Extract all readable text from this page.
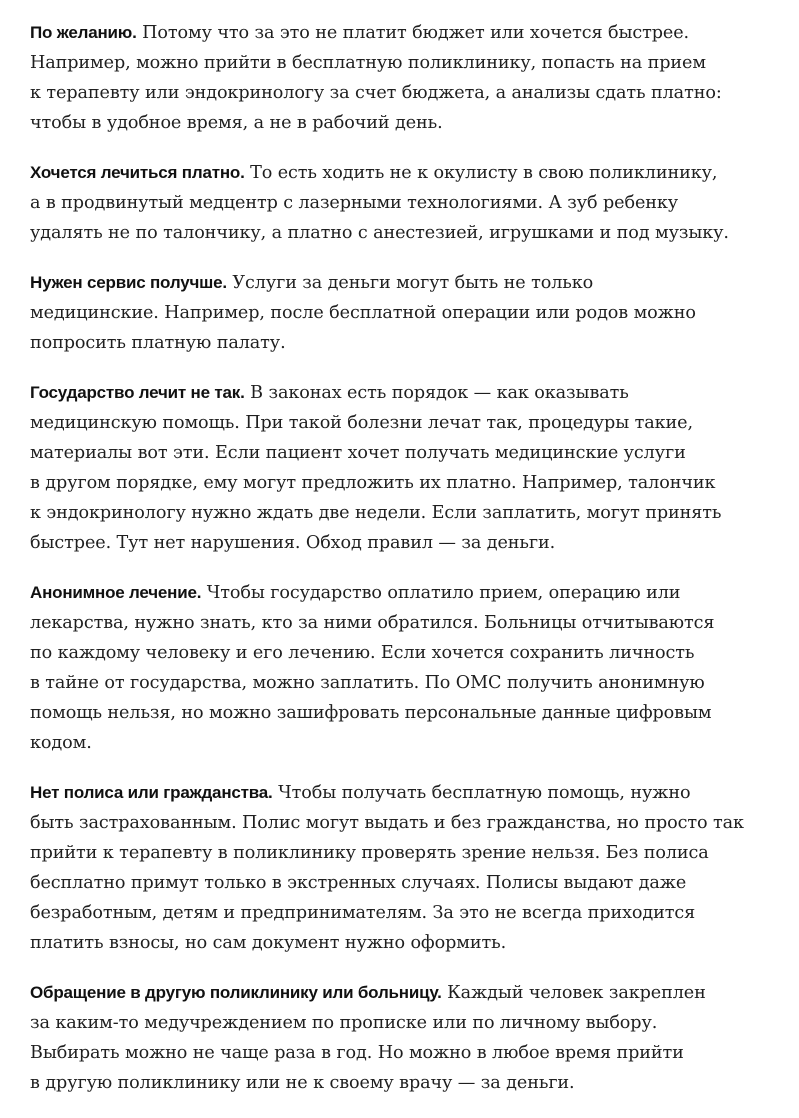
По желанию. Потому что за это не платит бюджет или хочется быстрее.
Например, можно прийти в бесплатную поликлинику, попасть на прием
к терапевту или эндокринологу за счет бюджета, а анализы сдать платно:
чтобы в удобное время, а не в рабочий день.

Хочется лечиться платно. То есть ходить не к окулисту в свою поликлинику,
а в продвинутый медцентр с лазерными технологиями. А зуб ребенку
удалять не по талончику, а платно с анестезией, игрушками и под музыку.

Нужен сервис получше. Услуги за деньги могут быть не только
медицинские. Например, после бесплатной операции или родов можно
попросить платную палату.

Государство лечит не так. В законах есть порядок — как оказывать
медицинскую помощь. При такой болезни лечат так, процедуры такие,
материалы вот эти. Если пациент хочет получать медицинские услуги
в другом порядке, ему могут предложить их платно. Например, талончик
к эндокринологу нужно ждать две недели. Если заплатить, могут принять
быстрее. Тут нет нарушения. Обход правил — за деньги.

Анонимное лечение. Чтобы государство оплатило прием, операцию или
лекарства, нужно знать, кто за ними обратился. Больницы отчитываются
по каждому человеку и его лечению. Если хочется сохранить личность
в тайне от государства, можно заплатить. По ОМС получить анонимную
помощь нельзя, но можно зашифровать персональные данные цифровым
кодом.

Нет полиса или гражданства. Чтобы получать бесплатную помощь, нужно
быть застрахованным. Полис могут выдать и без гражданства, но просто так
прийти к терапевту в поликлинику проверять зрение нельзя. Без полиса
бесплатно примут только в экстренных случаях. Полисы выдают даже
безработным, детям и предпринимателям. За это не всегда приходится
платить взносы, но сам документ нужно оформить.

Обращение в другую поликлинику или больницу. Каждый человек закреплен
за каким-то медучреждением по прописке или по личному выбору.
Выбирать можно не чаще раза в год. Но можно в любое время прийти
в другую поликлинику или не к своему врачу — за деньги.
